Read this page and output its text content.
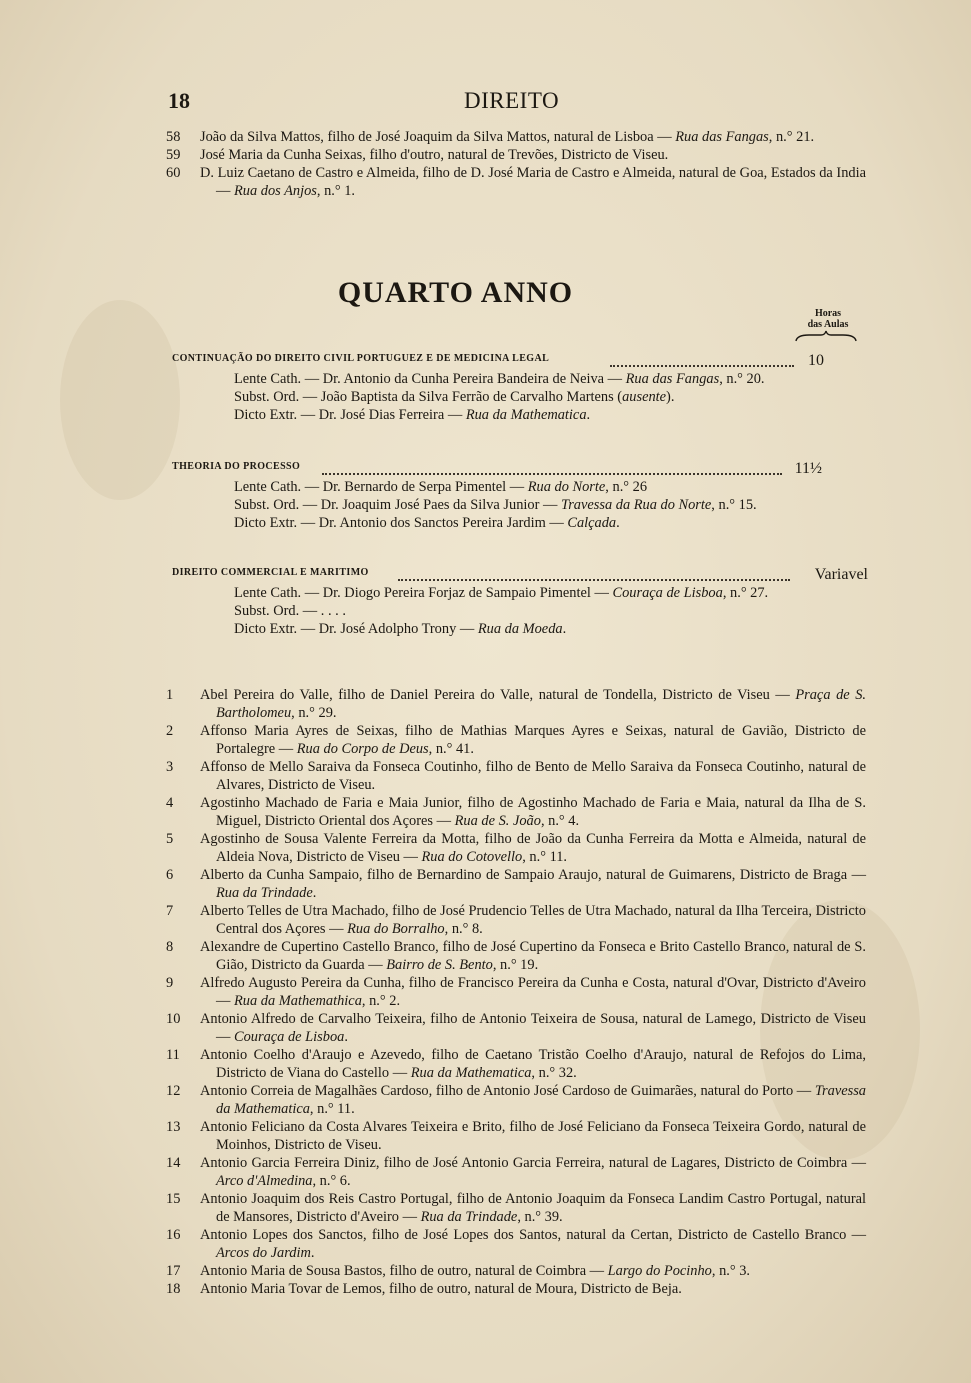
18	DIREITO
58 João da Silva Mattos, filho de José Joaquim da Silva Mattos, natural de Lisboa — Rua das Fangas, n.° 21.
59 José Maria da Cunha Seixas, filho d'outro, natural de Trevões, Districto de Viseu.
60 D. Luiz Caetano de Castro e Almeida, filho de D. José Maria de Castro e Almeida, natural de Goa, Estados da India — Rua dos Anjos, n.° 1.
QUARTO ANNO
Horas
das Aulas
CONTINUAÇÃO DO DIREITO CIVIL PORTUGUEZ E DE MEDICINA LEGAL	10
Lente Cath. — Dr. Antonio da Cunha Pereira Bandeira de Neiva — Rua das Fangas, n.° 20.
Subst. Ord. — João Baptista da Silva Ferrão de Carvalho Martens (ausente).
Dicto Extr. — Dr. José Dias Ferreira — Rua da Mathematica.
THEORIA DO PROCESSO	11½
Lente Cath. — Dr. Bernardo de Serpa Pimentel — Rua do Norte, n.° 26
Subst. Ord. — Dr. Joaquim José Paes da Silva Junior — Travessa da Rua do Norte, n.° 15.
Dicto Extr. — Dr. Antonio dos Sanctos Pereira Jardim — Calçada.
DIREITO COMMERCIAL E MARITIMO	Variavel
Lente Cath. — Dr. Diogo Pereira Forjaz de Sampaio Pimentel — Couraça de Lisboa, n.° 27.
Subst. Ord. — . . . .
Dicto Extr. — Dr. José Adolpho Trony — Rua da Moeda.
1 Abel Pereira do Valle, filho de Daniel Pereira do Valle, natural de Tondella, Districto de Viseu — Praça de S. Bartholomeu, n.° 29.
2 Affonso Maria Ayres de Seixas, filho de Mathias Marques Ayres e Seixas, natural de Gavião, Districto de Portalegre — Rua do Corpo de Deus, n.° 41.
3 Affonso de Mello Saraiva da Fonseca Coutinho, filho de Bento de Mello Saraiva da Fonseca Coutinho, natural de Alvares, Districto de Viseu.
4 Agostinho Machado de Faria e Maia Junior, filho de Agostinho Machado de Faria e Maia, natural da Ilha de S. Miguel, Districto Oriental dos Açores — Rua de S. João, n.° 4.
5 Agostinho de Sousa Valente Ferreira da Motta, filho de João da Cunha Ferreira da Motta e Almeida, natural de Aldeia Nova, Districto de Viseu — Rua do Cotovello, n.° 11.
6 Alberto da Cunha Sampaio, filho de Bernardino de Sampaio Araujo, natural de Guimarens, Districto de Braga — Rua da Trindade.
7 Alberto Telles de Utra Machado, filho de José Prudencio Telles de Utra Machado, natural da Ilha Terceira, Districto Central dos Açores — Rua do Borralho, n.° 8.
8 Alexandre de Cupertino Castello Branco, filho de José Cupertino da Fonseca e Brito Castello Branco, natural de S. Gião, Districto da Guarda — Bairro de S. Bento, n.° 19.
9 Alfredo Augusto Pereira da Cunha, filho de Francisco Pereira da Cunha e Costa, natural d'Ovar, Districto d'Aveiro — Rua da Mathemathica, n.° 2.
10 Antonio Alfredo de Carvalho Teixeira, filho de Antonio Teixeira de Sousa, natural de Lamego, Districto de Viseu — Couraça de Lisboa.
11 Antonio Coelho d'Araujo e Azevedo, filho de Caetano Tristão Coelho d'Araujo, natural de Refojos do Lima, Districto de Viana do Castello — Rua da Mathematica, n.° 32.
12 Antonio Correia de Magalhães Cardoso, filho de Antonio José Cardoso de Guimarães, natural do Porto — Travessa da Mathematica, n.° 11.
13 Antonio Feliciano da Costa Alvares Teixeira e Brito, filho de José Feliciano da Fonseca Teixeira Gordo, natural de Moinhos, Districto de Viseu.
14 Antonio Garcia Ferreira Diniz, filho de José Antonio Garcia Ferreira, natural de Lagares, Districto de Coimbra — Arco d'Almedina, n.° 6.
15 Antonio Joaquim dos Reis Castro Portugal, filho de Antonio Joaquim da Fonseca Landim Castro Portugal, natural de Mansores, Districto d'Aveiro — Rua da Trindade, n.° 39.
16 Antonio Lopes dos Sanctos, filho de José Lopes dos Santos, natural da Certan, Districto de Castello Branco — Arcos do Jardim.
17 Antonio Maria de Sousa Bastos, filho de outro, natural de Coimbra — Largo do Pocinho, n.° 3.
18 Antonio Maria Tovar de Lemos, filho de outro, natural de Moura, Districto de Beja.
